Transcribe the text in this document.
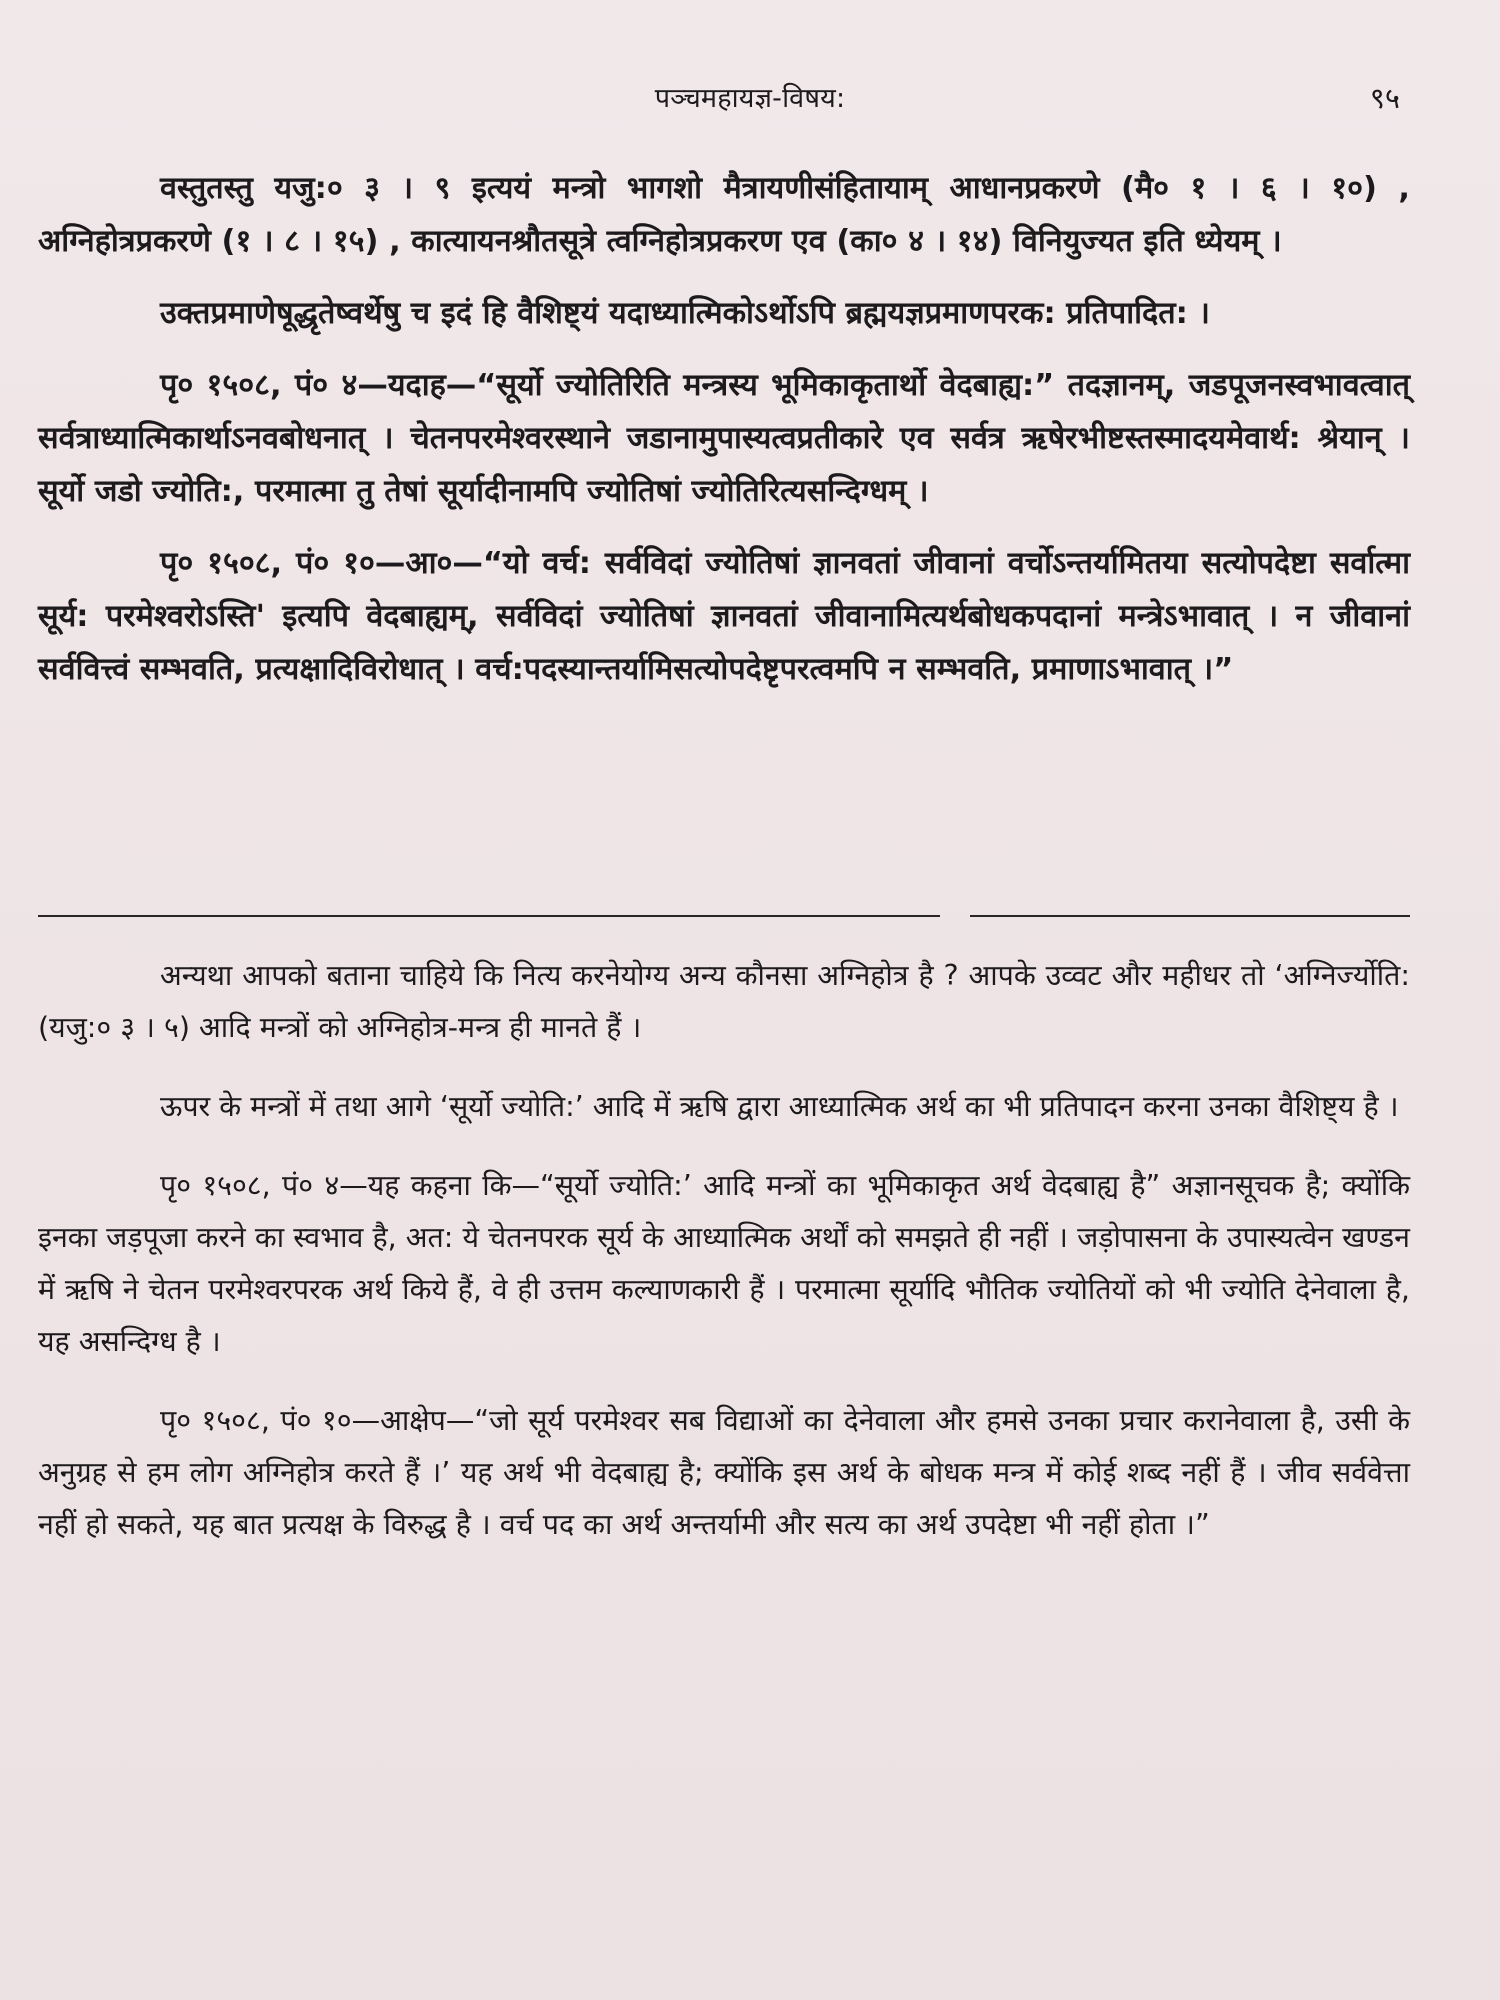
पञ्चमहायज्ञ-विषय:	९५

वस्तुतस्तु यजु:० ३ । ९ इत्ययं मन्त्रो भागशो मैत्रायणीसंहितायाम् आधानप्रकरणे (मै० १ । ६ । १०) , अग्निहोत्रप्रकरणे (१ । ८ । १५) , कात्यायनश्रौतसूत्रे त्वग्निहोत्रप्रकरण एव (का० ४ । १४) विनियुज्यत इति ध्येयम् ।

उक्तप्रमाणेषूद्धृतेष्वर्थेषु च इदं हि वैशिष्ट्यं यदाध्यात्मिकोऽर्थोऽपि ब्रह्मयज्ञप्रमाणपरक: प्रतिपादित: ।

पृ० १५०८, पं० ४—यदाह—“सूर्यो ज्योतिरिति मन्त्रस्य भूमिकाकृतार्थो वेदबाह्य:” तदज्ञानम्, जडपूजनस्वभावत्वात् सर्वत्राध्यात्मिकार्थाऽनवबोधनात् । चेतनपरमेश्वरस्थाने जडानामुपास्यत्वप्रतीकारे एव सर्वत्र ऋषेरभीष्टस्तस्मादयमेवार्थ: श्रेयान् । सूर्यो जडो ज्योति:, परमात्मा तु तेषां सूर्यादीनामपि ज्योतिषां ज्योतिरित्यसन्दिग्धम् ।

पृ० १५०८, पं० १०—आ०—“यो वर्च: सर्वविदां ज्योतिषां ज्ञानवतां जीवानां वर्चोऽन्तर्यामितया सत्योपदेष्टा सर्वात्मा सूर्य: परमेश्वरोऽस्ति' इत्यपि वेदबाह्यम्, सर्वविदां ज्योतिषां ज्ञानवतां जीवानामित्यर्थबोधकपदानां मन्त्रेऽभावात् । न जीवानां सर्ववित्त्वं सम्भवति, प्रत्यक्षादिविरोधात् । वर्च:पदस्यान्तर्यामिसत्योपदेष्टृपरत्वमपि न सम्भवति, प्रमाणाऽभावात् ।”

अन्यथा आपको बताना चाहिये कि नित्य करनेयोग्य अन्य कौनसा अग्निहोत्र है ? आपके उव्वट और महीधर तो ‘अग्निर्ज्योति: (यजु:० ३ । ५) आदि मन्त्रों को अग्निहोत्र-मन्त्र ही मानते हैं ।

ऊपर के मन्त्रों में तथा आगे ‘सूर्यो ज्योति:’ आदि में ऋषि द्वारा आध्यात्मिक अर्थ का भी प्रतिपादन करना उनका वैशिष्ट्य है ।

पृ० १५०८, पं० ४—यह कहना कि—“सूर्यो ज्योति:’ आदि मन्त्रों का भूमिकाकृत अर्थ वेदबाह्य है” अज्ञानसूचक है; क्योंकि इनका जड़पूजा करने का स्वभाव है, अत: ये चेतनपरक सूर्य के आध्यात्मिक अर्थों को समझते ही नहीं । जड़ोपासना के उपास्यत्वेन खण्डन में ऋषि ने चेतन परमेश्वरपरक अर्थ किये हैं, वे ही उत्तम कल्याणकारी हैं । परमात्मा सूर्यादि भौतिक ज्योतियों को भी ज्योति देनेवाला है, यह असन्दिग्ध है ।

पृ० १५०८, पं० १०—आक्षेप—“जो सूर्य परमेश्वर सब विद्याओं का देनेवाला और हमसे उनका प्रचार करानेवाला है, उसी के अनुग्रह से हम लोग अग्निहोत्र करते हैं ।’ यह अर्थ भी वेदबाह्य है; क्योंकि इस अर्थ के बोधक मन्त्र में कोई शब्द नहीं हैं । जीव सर्ववेत्ता नहीं हो सकते, यह बात प्रत्यक्ष के विरुद्ध है । वर्च पद का अर्थ अन्तर्यामी और सत्य का अर्थ उपदेष्टा भी नहीं होता ।”
